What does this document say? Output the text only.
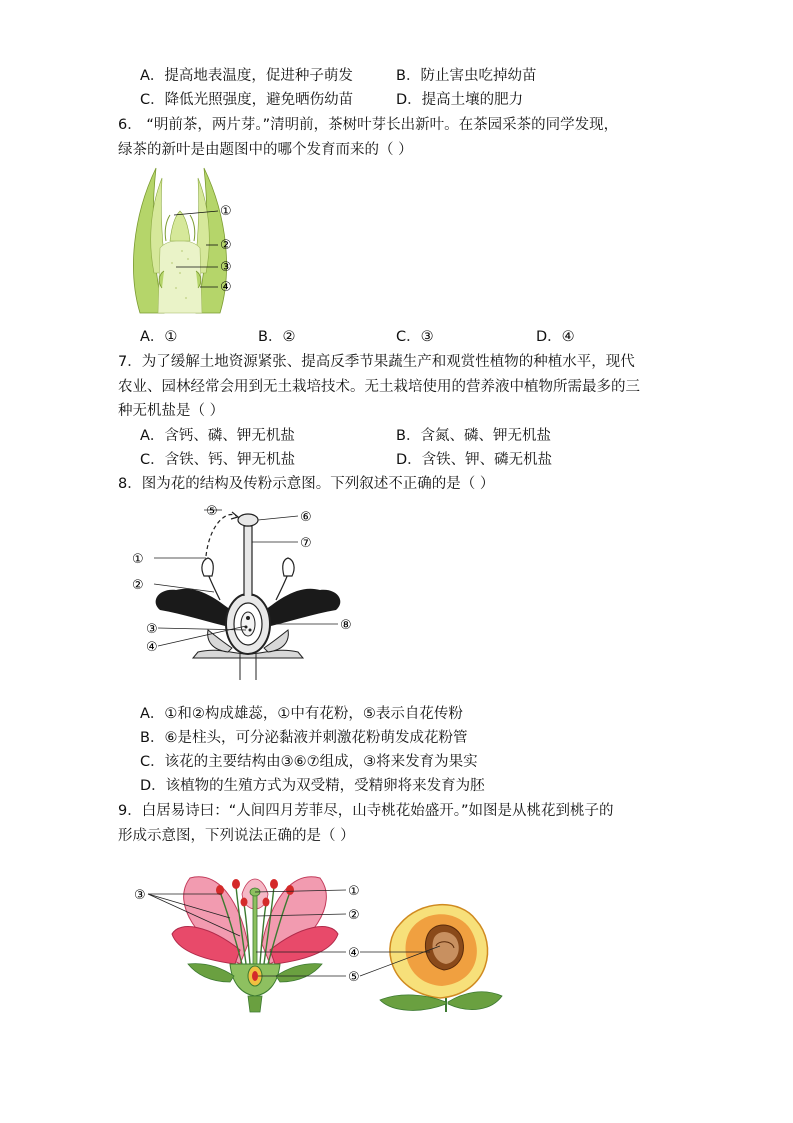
A．提高地表温度，促进种子萌发	B．防止害虫吃掉幼苗
C．降低光照强度，避免晒伤幼苗	D．提高土壤的肥力
6． “明前茶，两片芽。”清明前，茶树叶芽长出新叶。在茶园采茶的同学发现，
绿茶的新叶是由题图中的哪个发育而来的（ ）
①
②
③
④
A．①	B．②	C．③	D．④
7．为了缓解土地资源紧张、提高反季节果蔬生产和观赏性植物的种植水平，现代
农业、园林经常会用到无土栽培技术。无土栽培使用的营养液中植物所需最多的三
种无机盐是（ ）
A．含钙、磷、钾无机盐	B．含氮、磷、钾无机盐
C．含铁、钙、钾无机盐	D．含铁、钾、磷无机盐
8．图为花的结构及传粉示意图。下列叙述不正确的是（ ）
①
②
③
④
⑤	⑥
⑦
⑧
A．①和②构成雄蕊，①中有花粉，⑤表示自花传粉
B．⑥是柱头，可分泌黏液并刺激花粉萌发成花粉管
C．该花的主要结构由③⑥⑦组成，③将来发育为果实
D．该植物的生殖方式为双受精，受精卵将来发育为胚
9．白居易诗曰：“人间四月芳菲尽，山寺桃花始盛开。”如图是从桃花到桃子的
形成示意图，下列说法正确的是（ ）
③	①
②
④
⑤
